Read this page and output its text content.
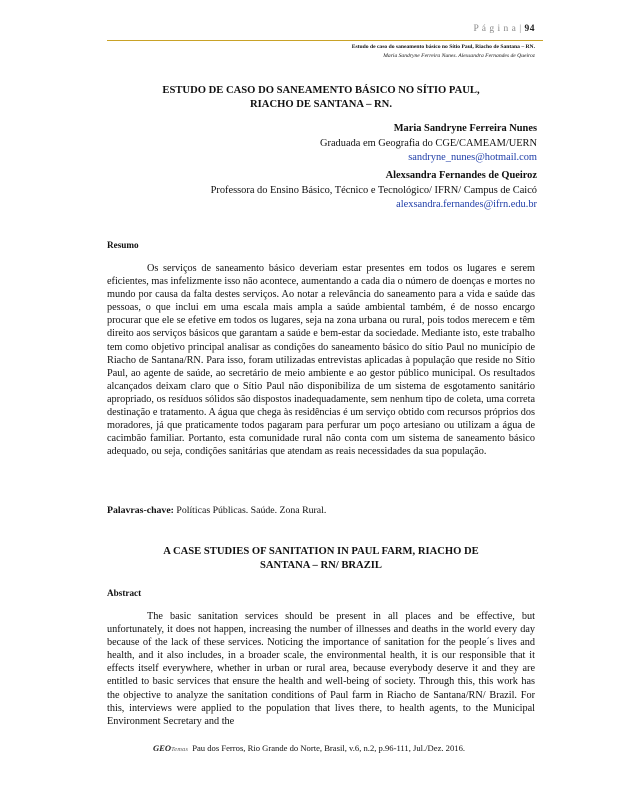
P á g i n a | 94
Estudo de caso do saneamento básico no Sítio Paul, Riacho de Santana – RN.
Maria Sandryne Ferreira Nunes. Alexsandra Fernandes de Queiroz
ESTUDO DE CASO DO SANEAMENTO BÁSICO NO SÍTIO PAUL,
RIACHO DE SANTANA – RN.
Maria Sandryne Ferreira Nunes
Graduada em Geografia do CGE/CAMEAM/UERN
sandryne_nunes@hotmail.com
Alexsandra Fernandes de Queiroz
Professora do Ensino Básico, Técnico e Tecnológico/ IFRN/ Campus de Caicó
alexsandra.fernandes@ifrn.edu.br
Resumo

Os serviços de saneamento básico deveriam estar presentes em todos os lugares e serem eficientes, mas infelizmente isso não acontece, aumentando a cada dia o número de doenças e mortes no mundo por causa da falta destes serviços. Ao notar a relevância do saneamento para a vida e saúde das pessoas, o que inclui em uma escala mais ampla a saúde ambiental também, é de nosso encargo procurar que ele se efetive em todos os lugares, seja na zona urbana ou rural, pois todos merecem e têm direito aos serviços básicos que garantam a saúde e bem-estar da sociedade. Mediante isto, este trabalho tem como objetivo principal analisar as condições do saneamento básico do sítio Paul no município de Riacho de Santana/RN. Para isso, foram utilizadas entrevistas aplicadas à população que reside no Sítio Paul, ao agente de saúde, ao secretário de meio ambiente e ao gestor público municipal. Os resultados alcançados deixam claro que o Sítio Paul não disponibiliza de um sistema de esgotamento sanitário apropriado, os resíduos sólidos são dispostos inadequadamente, sem nenhum tipo de coleta, uma correta destinação e tratamento. A água que chega às residências é um serviço obtido com recursos próprios dos moradores, já que praticamente todos pagaram para perfurar um poço artesiano ou utilizam a água de cacimbão familiar. Portanto, esta comunidade rural não conta com um sistema de saneamento básico adequado, ou seja, condições sanitárias que atendam as reais necessidades da sua população.

Palavras-chave: Políticas Públicas. Saúde. Zona Rural.
A CASE STUDIES OF SANITATION IN PAUL FARM, RIACHO DE
SANTANA – RN/ BRAZIL
Abstract

The basic sanitation services should be present in all places and be effective, but unfortunately, it does not happen, increasing the number of illnesses and deaths in the world every day because of the lack of these services. Noticing the importance of sanitation for the people´s lives and health, and it also includes, in a broader scale, the environmental health, it is our responsible that it effects itself everywhere, whether in urban or rural area, because everybody deserve it and they are entitled to basic services that ensure the health and well-being of society. Through this, this work has the objective to analyze the sanitation conditions of Paul farm in Riacho de Santana/RN/ Brazil. For this, interviews were applied to the population that lives there, to health agents, to the Municipal Environment Secretary and the

GEOTemas Pau dos Ferros, Rio Grande do Norte, Brasil, v.6, n.2, p.96-111, Jul./Dez. 2016.
